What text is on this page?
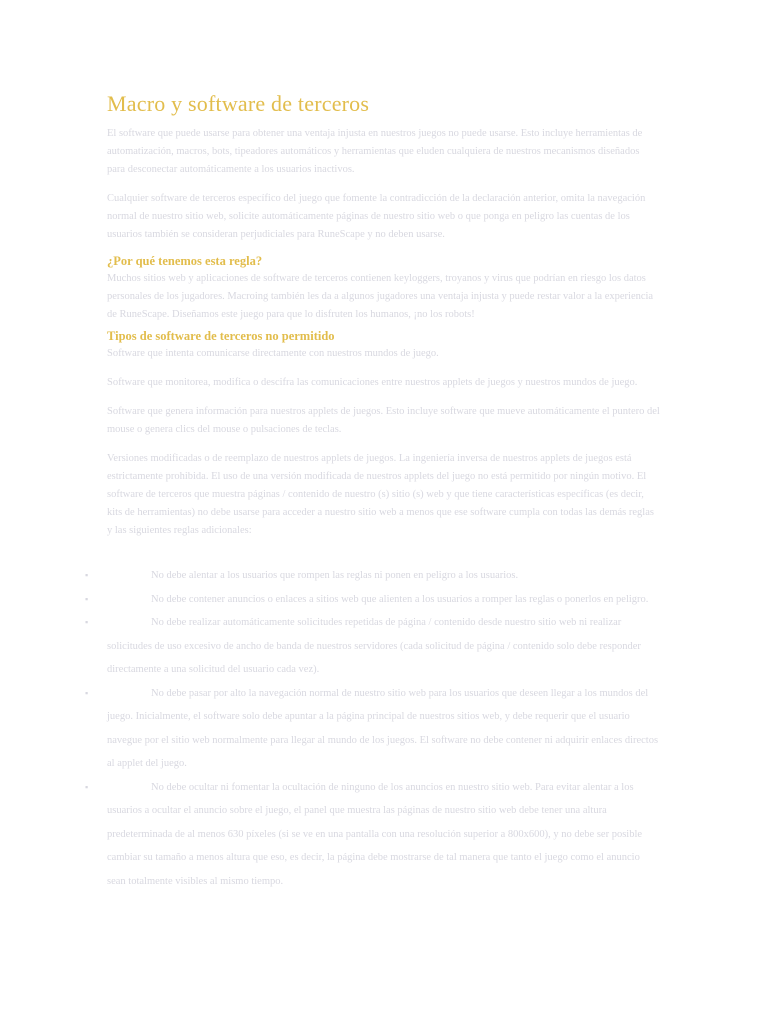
Macro y software de terceros

El software que puede usarse para obtener una ventaja injusta en nuestros juegos no puede usarse. Esto incluye herramientas de automatización, macros, bots, tipeadores automáticos y herramientas que eluden cualquiera de nuestros mecanismos diseñados para desconectar automáticamente a los usuarios inactivos.

Cualquier software de terceros específico del juego que fomente la contradicción de la declaración anterior, omita la navegación normal de nuestro sitio web, solicite automáticamente páginas de nuestro sitio web o que ponga en peligro las cuentas de los usuarios también se consideran perjudiciales para RuneScape y no deben usarse.

¿Por qué tenemos esta regla?

Muchos sitios web y aplicaciones de software de terceros contienen keyloggers, troyanos y virus que podrían en riesgo los datos personales de los jugadores. Macroing también les da a algunos jugadores una ventaja injusta y puede restar valor a la experiencia de RuneScape. Diseñamos este juego para que lo disfruten los humanos, ¡no los robots!

Tipos de software de terceros no permitido

Software que intenta comunicarse directamente con nuestros mundos de juego.

Software que monitorea, modifica o descifra las comunicaciones entre nuestros applets de juegos y nuestros mundos de juego.

Software que genera información para nuestros applets de juegos. Esto incluye software que mueve automáticamente el puntero del mouse o genera clics del mouse o pulsaciones de teclas.

Versiones modificadas o de reemplazo de nuestros applets de juegos. La ingeniería inversa de nuestros applets de juegos está estrictamente prohibida. El uso de una versión modificada de nuestros applets del juego no está permitido por ningún motivo. El software de terceros que muestra páginas / contenido de nuestro (s) sitio (s) web y que tiene características específicas (es decir, kits de herramientas) no debe usarse para acceder a nuestro sitio web a menos que ese software cumpla con todas las demás reglas y las siguientes reglas adicionales:

▪	No debe alentar a los usuarios que rompen las reglas ni ponen en peligro a los usuarios.
▪	No debe contener anuncios o enlaces a sitios web que alienten a los usuarios a romper las reglas o ponerlos en peligro.
▪	No debe realizar automáticamente solicitudes repetidas de página / contenido desde nuestro sitio web ni realizar solicitudes de uso excesivo de ancho de banda de nuestros servidores (cada solicitud de página / contenido solo debe responder directamente a una solicitud del usuario cada vez).
▪	No debe pasar por alto la navegación normal de nuestro sitio web para los usuarios que deseen llegar a los mundos del juego. Inicialmente, el software solo debe apuntar a la página principal de nuestros sitios web, y debe requerir que el usuario navegue por el sitio web normalmente para llegar al mundo de los juegos. El software no debe contener ni adquirir enlaces directos al applet del juego.
▪	No debe ocultar ni fomentar la ocultación de ninguno de los anuncios en nuestro sitio web. Para evitar alentar a los usuarios a ocultar el anuncio sobre el juego, el panel que muestra las páginas de nuestro sitio web debe tener una altura predeterminada de al menos 630 píxeles (si se ve en una pantalla con una resolución superior a 800x600), y no debe ser posible cambiar su tamaño a menos altura que eso, es decir, la página debe mostrarse de tal manera que tanto el juego como el anuncio sean totalmente visibles al mismo tiempo.
